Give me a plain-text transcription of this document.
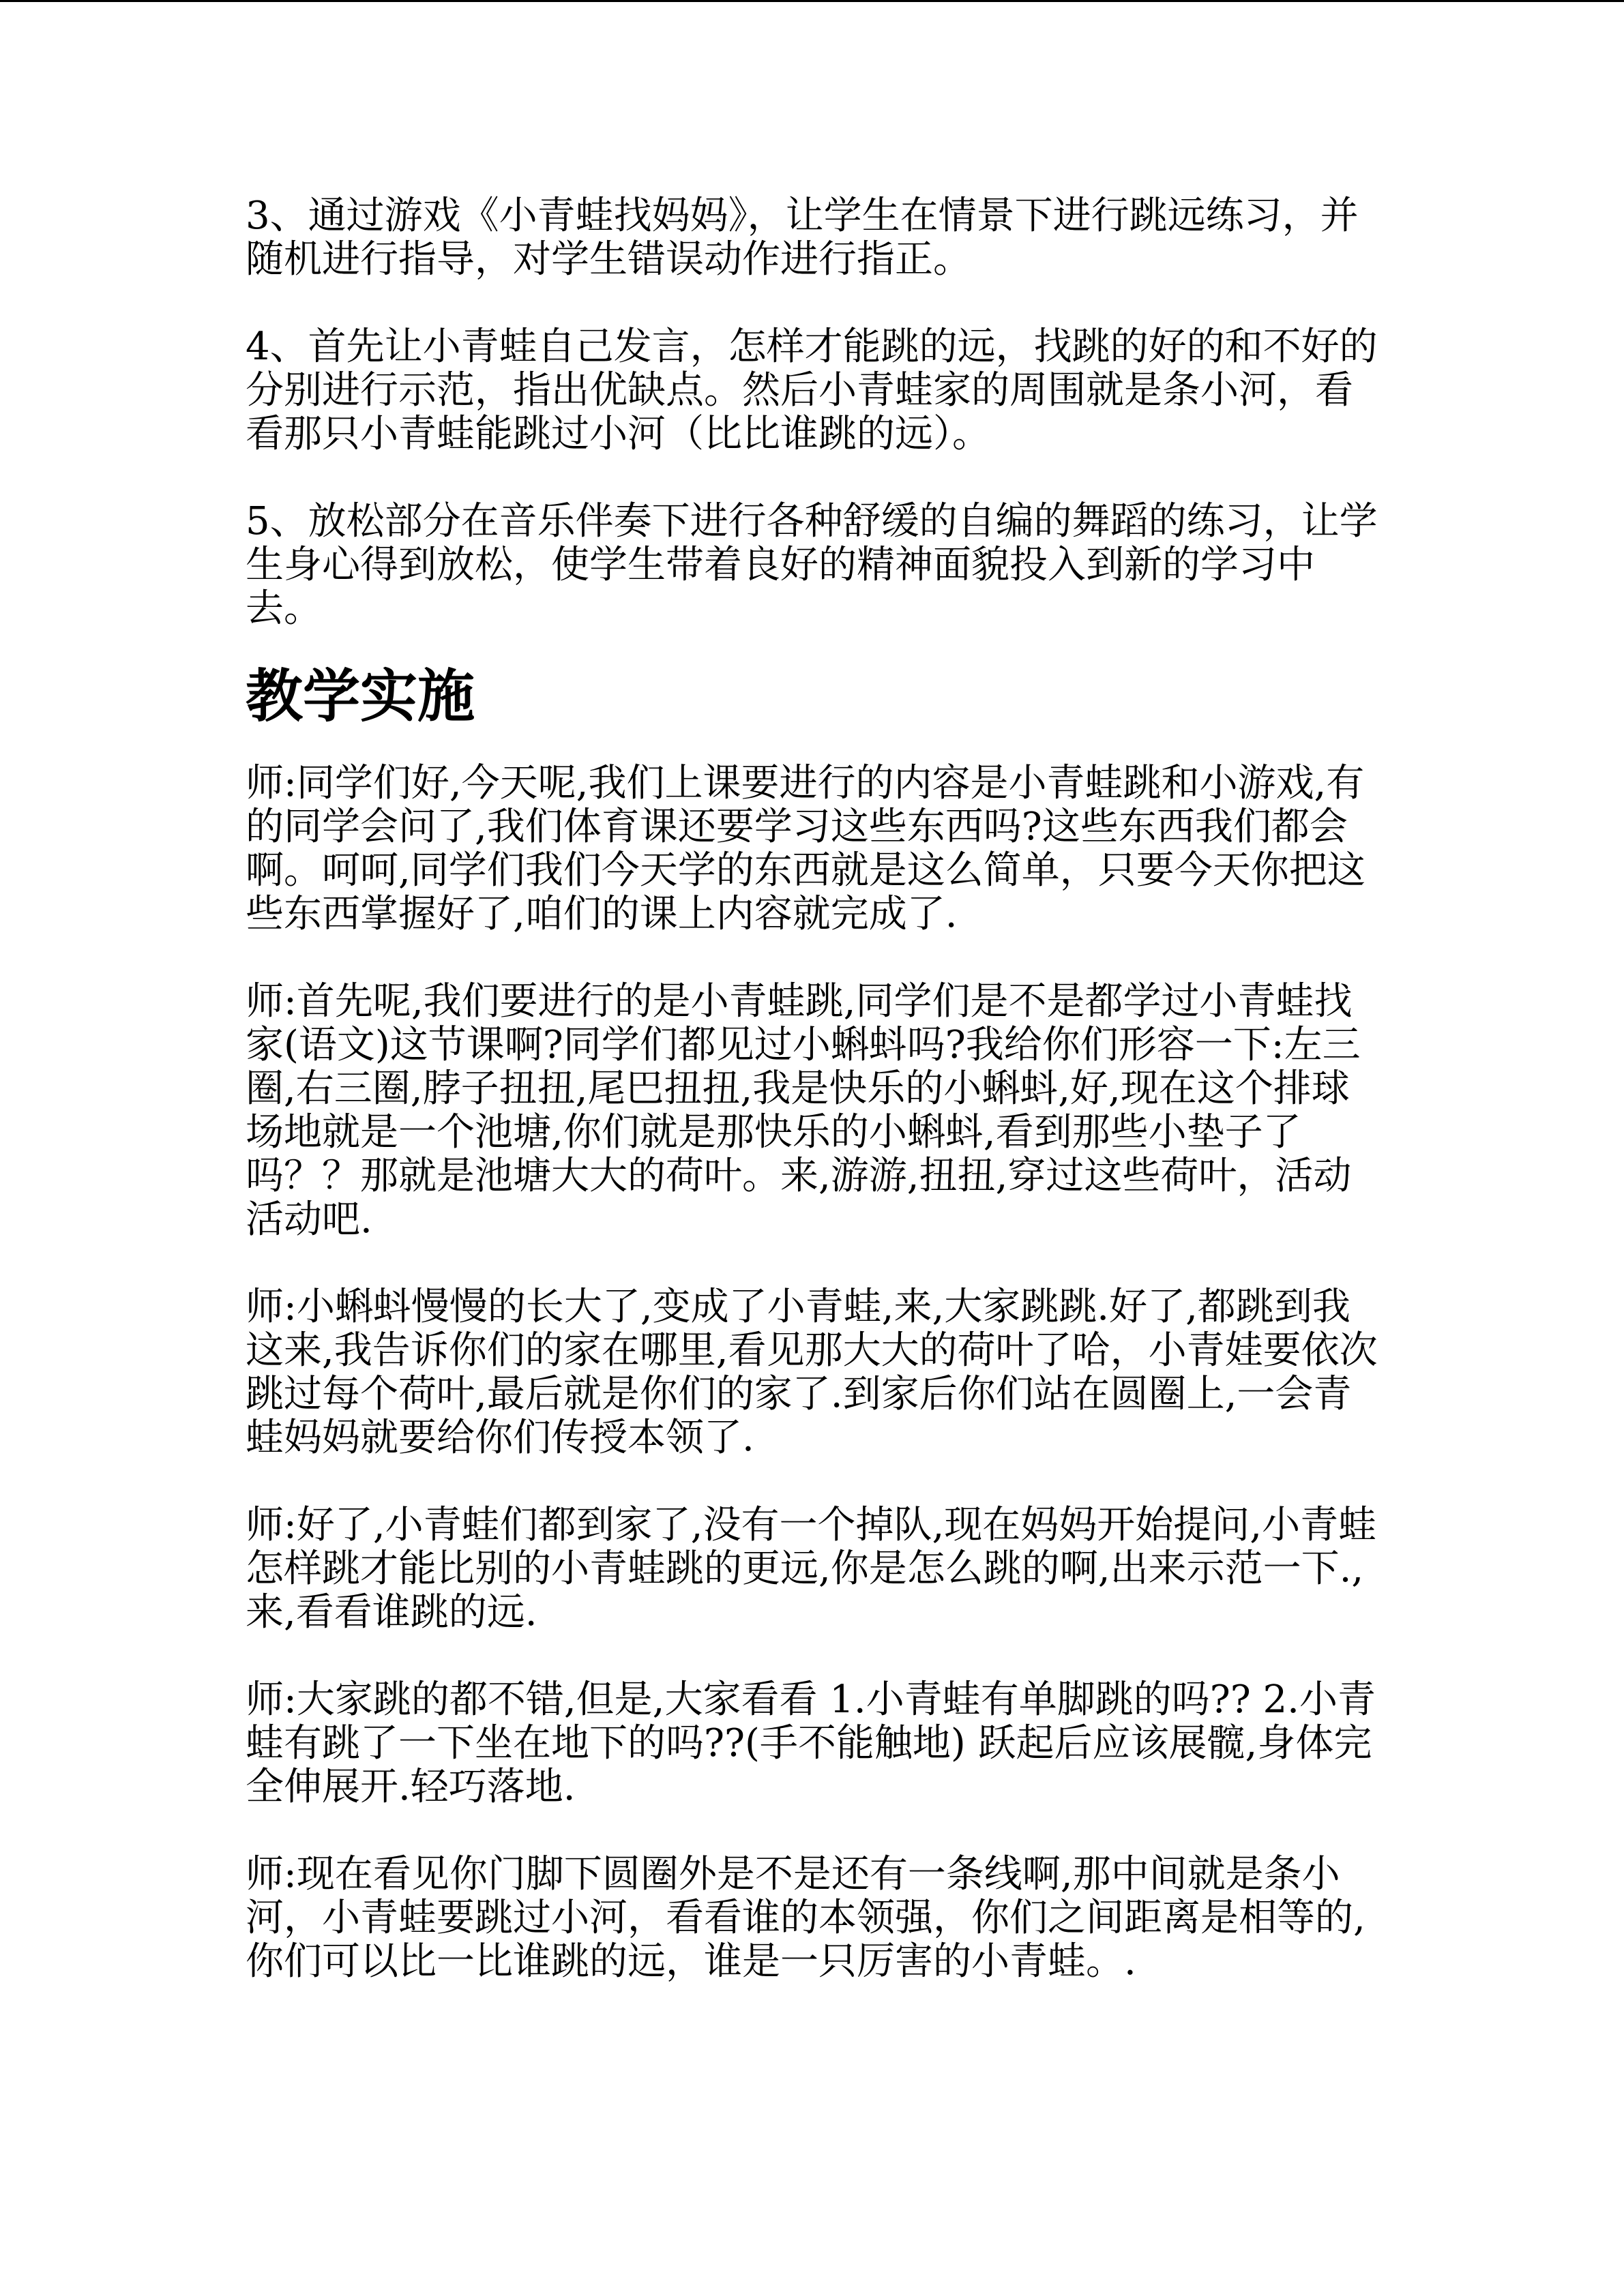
3、通过游戏《小青蛙找妈妈》，让学生在情景下进行跳远练习，并随机进行指导，对学生错误动作进行指正。

4、首先让小青蛙自己发言，怎样才能跳的远，找跳的好的和不好的分别进行示范，指出优缺点。然后小青蛙家的周围就是条小河，看看那只小青蛙能跳过小河（比比谁跳的远）。

5、放松部分在音乐伴奏下进行各种舒缓的自编的舞蹈的练习，让学生身心得到放松，使学生带着良好的精神面貌投入到新的学习中去。

教学实施

师:同学们好,今天呢,我们上课要进行的内容是小青蛙跳和小游戏,有的同学会问了,我们体育课还要学习这些东西吗?这些东西我们都会啊。呵呵,同学们我们今天学的东西就是这么简单，只要今天你把这些东西掌握好了,咱们的课上内容就完成了.

师:首先呢,我们要进行的是小青蛙跳,同学们是不是都学过小青蛙找家(语文)这节课啊?同学们都见过小蝌蚪吗?我给你们形容一下:左三圈,右三圈,脖子扭扭,尾巴扭扭,我是快乐的小蝌蚪,好,现在这个排球场地就是一个池塘,你们就是那快乐的小蝌蚪,看到那些小垫子了吗？？那就是池塘大大的荷叶。来,游游,扭扭,穿过这些荷叶，活动活动吧.

师:小蝌蚪慢慢的长大了,变成了小青蛙,来,大家跳跳.好了,都跳到我这来,我告诉你们的家在哪里,看见那大大的荷叶了哈，小青娃要依次跳过每个荷叶,最后就是你们的家了.到家后你们站在圆圈上,一会青蛙妈妈就要给你们传授本领了.

师:好了,小青蛙们都到家了,没有一个掉队,现在妈妈开始提问,小青蛙怎样跳才能比别的小青蛙跳的更远,你是怎么跳的啊,出来示范一下.,来,看看谁跳的远.

师:大家跳的都不错,但是,大家看看 1.小青蛙有单脚跳的吗?? 2.小青蛙有跳了一下坐在地下的吗??(手不能触地) 跃起后应该展髋,身体完全伸展开.轻巧落地.

师:现在看见你门脚下圆圈外是不是还有一条线啊,那中间就是条小河，小青蛙要跳过小河，看看谁的本领强，你们之间距离是相等的,你们可以比一比谁跳的远，谁是一只厉害的小青蛙。.
